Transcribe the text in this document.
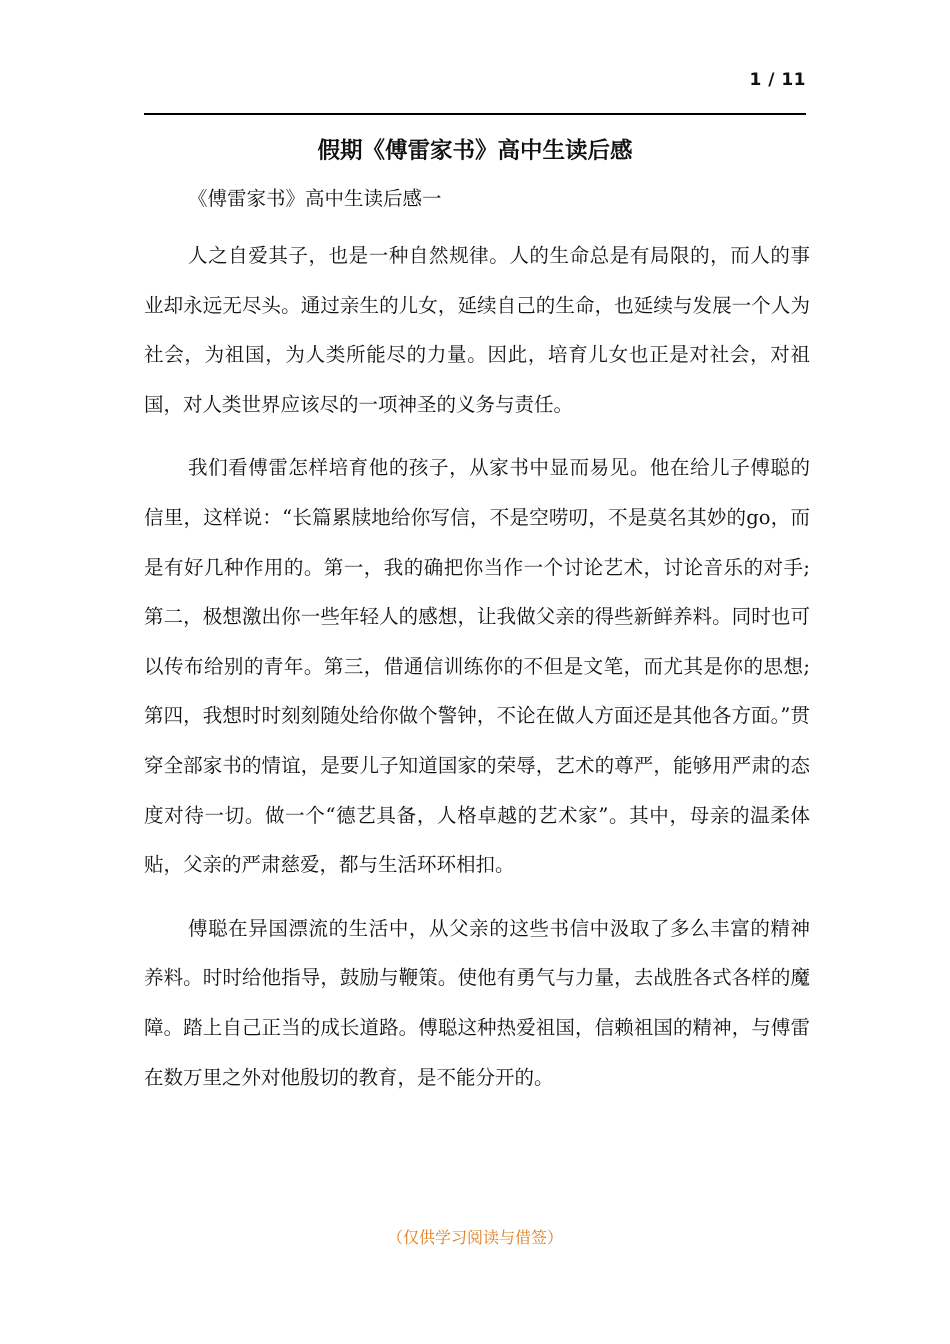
1 / 11
假期《傅雷家书》高中生读后感

《傅雷家书》高中生读后感一

人之自爱其子，也是一种自然规律。人的生命总是有局限的，而人的事业却永远无尽头。通过亲生的儿女，延续自己的生命，也延续与发展一个人为社会，为祖国，为人类所能尽的力量。因此，培育儿女也正是对社会，对祖国，对人类世界应该尽的一项神圣的义务与责任。

我们看傅雷怎样培育他的孩子，从家书中显而易见。他在给儿子傅聪的信里，这样说：“长篇累牍地给你写信，不是空唠叨，不是莫名其妙的go，而是有好几种作用的。第一，我的确把你当作一个讨论艺术，讨论音乐的对手;第二，极想激出你一些年轻人的感想，让我做父亲的得些新鲜养料。同时也可以传布给别的青年。第三，借通信训练你的不但是文笔，而尤其是你的思想;第四，我想时时刻刻随处给你做个警钟，不论在做人方面还是其他各方面。”贯穿全部家书的情谊，是要儿子知道国家的荣辱，艺术的尊严，能够用严肃的态度对待一切。做一个“德艺具备，人格卓越的艺术家”。其中，母亲的温柔体贴，父亲的严肃慈爱，都与生活环环相扣。

傅聪在异国漂流的生活中，从父亲的这些书信中汲取了多么丰富的精神养料。时时给他指导，鼓励与鞭策。使他有勇气与力量，去战胜各式各样的魔障。踏上自己正当的成长道路。傅聪这种热爱祖国，信赖祖国的精神，与傅雷在数万里之外对他殷切的教育，是不能分开的。

（仅供学习阅读与借签）
